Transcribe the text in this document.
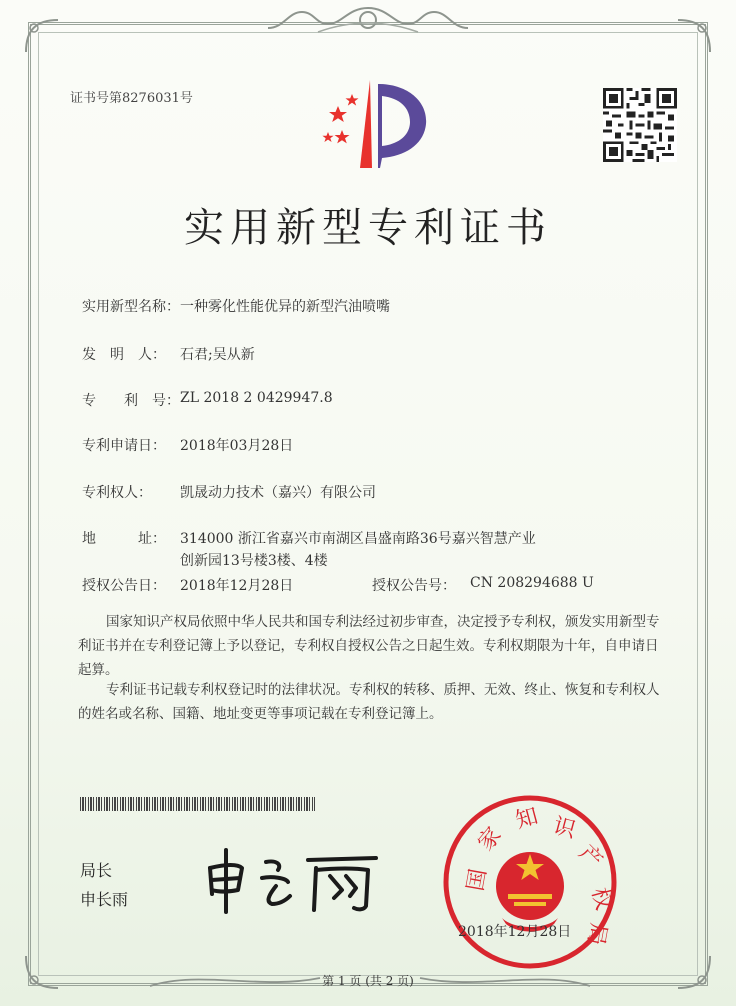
证书号第8276031号
实用新型专利证书
实用新型名称： 一种雾化性能优异的新型汽油喷嘴
发　明　人： 石君;吴从新
专　　利　号： ZL 2018 2 0429947.8
专利申请日： 2018年03月28日
专利权人： 凯晟动力技术（嘉兴）有限公司
地　　　址： 314000 浙江省嘉兴市南湖区昌盛南路36号嘉兴智慧产业
创新园13号楼3楼、4楼
授权公告日： 2018年12月28日	授权公告号： CN 208294688 U
国家知识产权局依照中华人民共和国专利法经过初步审查，决定授予专利权，颁发实用新型专利证书并在专利登记簿上予以登记，专利权自授权公告之日起生效。专利权期限为十年，自申请日起算。
专利证书记载专利权登记时的法律状况。专利权的转移、质押、无效、终止、恢复和专利权人的姓名或名称、国籍、地址变更等事项记载在专利登记簿上。
局长
申长雨
国
家
知 识
产
权
局
2018年12月28日
第 1 页 (共 2 页)
